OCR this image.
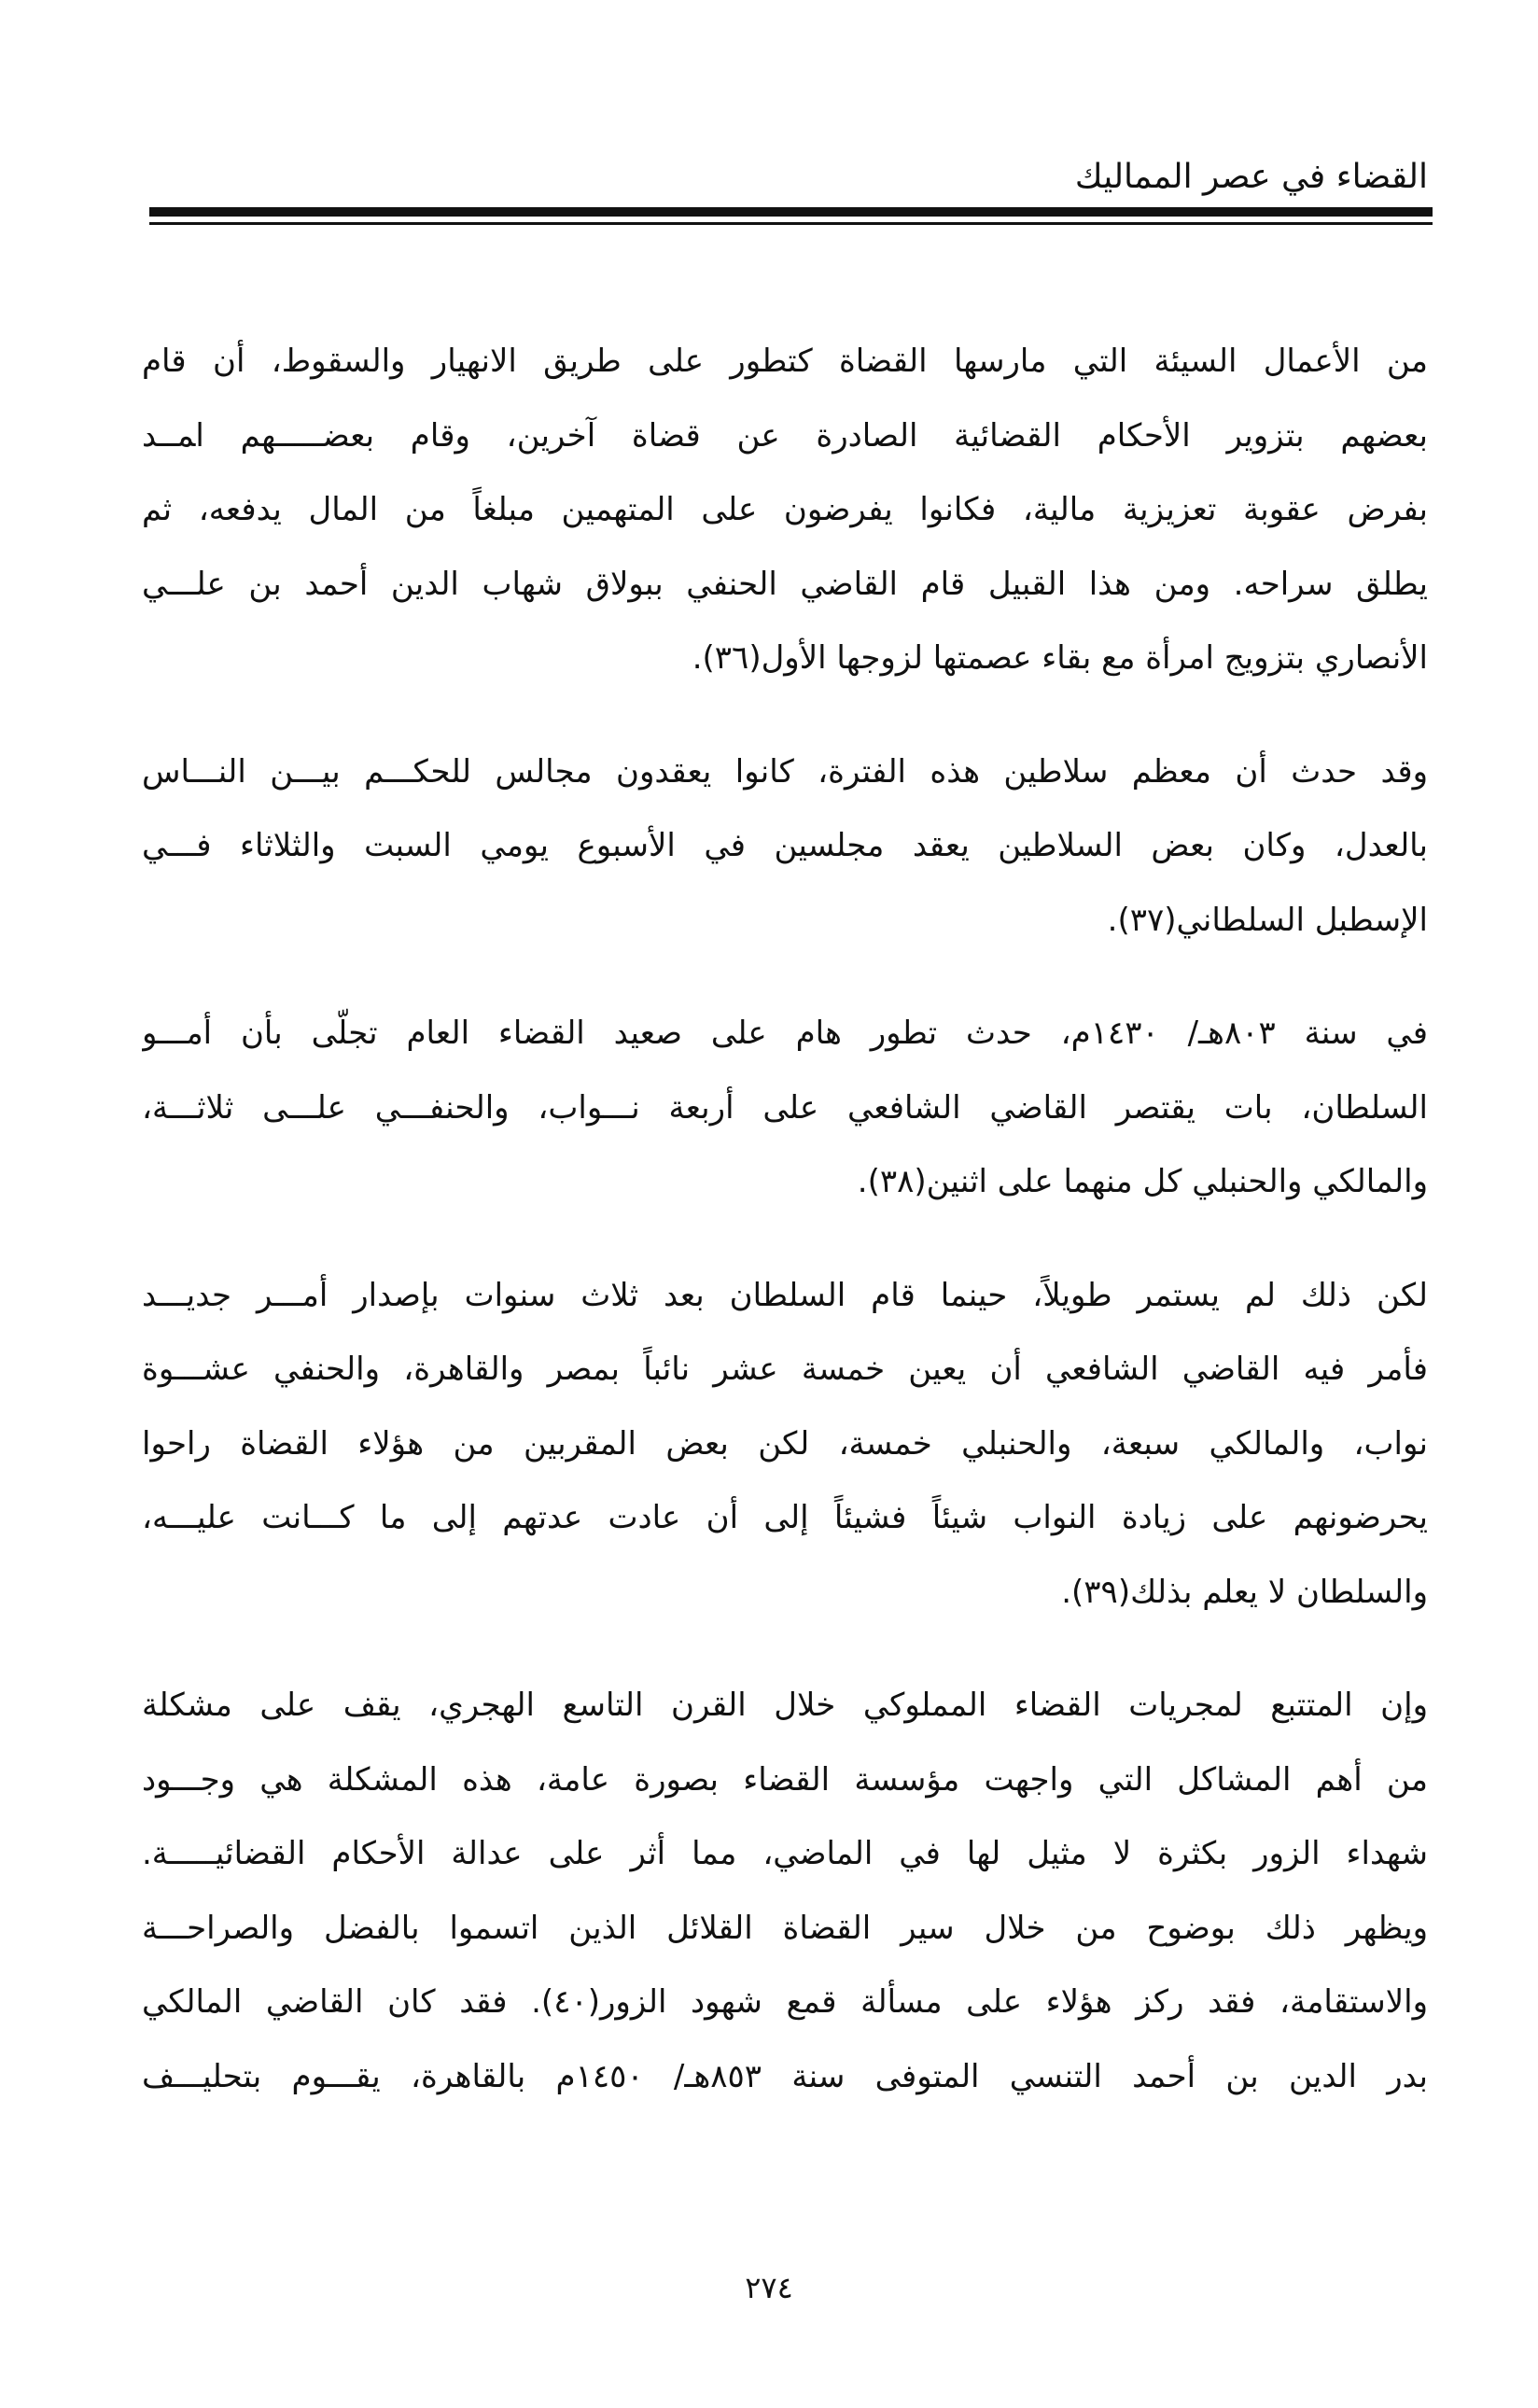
القضاء في عصر المماليك
من الأعمال السيئة التي مارسها القضاة كتطور على طريق الانهيار والسقوط، أن قام
بعضهم بتزوير الأحكام القضائية الصادرة عن قضاة آخرين، وقام بعضـــــهم ا‍مـ‍‍ـد
بفرض عقوبة تعزيزية مالية، فكانوا يفرضون على المتهمين مبلغاً من المال يدفعه، ثم
يطلق سراحه. ومن هذا القبيل قام القاضي الحنفي ببولاق شهاب الدين أحمد بن علـــي
الأنصاري بتزويج امرأة مع بقاء عصمتها لزوجها الأول(٣٦).
وقد حدث أن معظم سلاطين هذه الفترة، كانوا يعقدون مجالس للحكـــم بيـــن النـــاس
بالعدل، وكان بعض السلاطين يعقد مجلسين في الأسبوع يومي السبت والثلاثاء فـــي
الإسطبل السلطاني(٣٧).
في سنة ٨٠٣هـ/ ١٤٣٠م، حدث تطور هام على صعيد القضاء العام تجلّى بأن أمـــو
السلطان، بات يقتصر القاضي الشافعي على أربعة نـــواب، والحنفـــي علـــى ثلاثـــة،
والمالكي والحنبلي كل منهما على اثنين(٣٨).
لكن ذلك لم يستمر طويلاً، حينما قام السلطان بعد ثلاث سنوات بإصدار أمـــر جديـــد
فأمر فيه القاضي الشافعي أن يعين خمسة عشر نائباً بمصر والقاهرة، والحنفي عشـــوة
نواب، والمالكي سبعة، والحنبلي خمسة، لكن بعض المقربين من هؤلاء القضاة راحوا
يحرضونهم على زيادة النواب شيئاً فشيئاً إلى أن عادت عدتهم إلى ما كـــانت عليـــه،
والسلطان لا يعلم بذلك(٣٩).
وإن المتتبع لمجريات القضاء المملوكي خلال القرن التاسع الهجري، يقف على مشكلة
من أهم المشاكل التي واجهت مؤسسة القضاء بصورة عامة، هذه المشكلة هي وجـــود
شهداء الزور بكثرة لا مثيل لها في الماضي، مما أثر على عدالة الأحكام القضائيـــــة.
ويظهر ذلك بوضوح من خلال سير القضاة القلائل الذين اتسموا بالفضل والصراحـــة
والاستقامة، فقد ركز هؤلاء على مسألة قمع شهود الزور(٤٠). فقد كان القاضي المالكي
بدر الدين بن أحمد التنسي المتوفى سنة ٨٥٣هـ/ ١٤٥٠م بالقاهرة، يقـــوم بتحليـــف
٢٧٤
